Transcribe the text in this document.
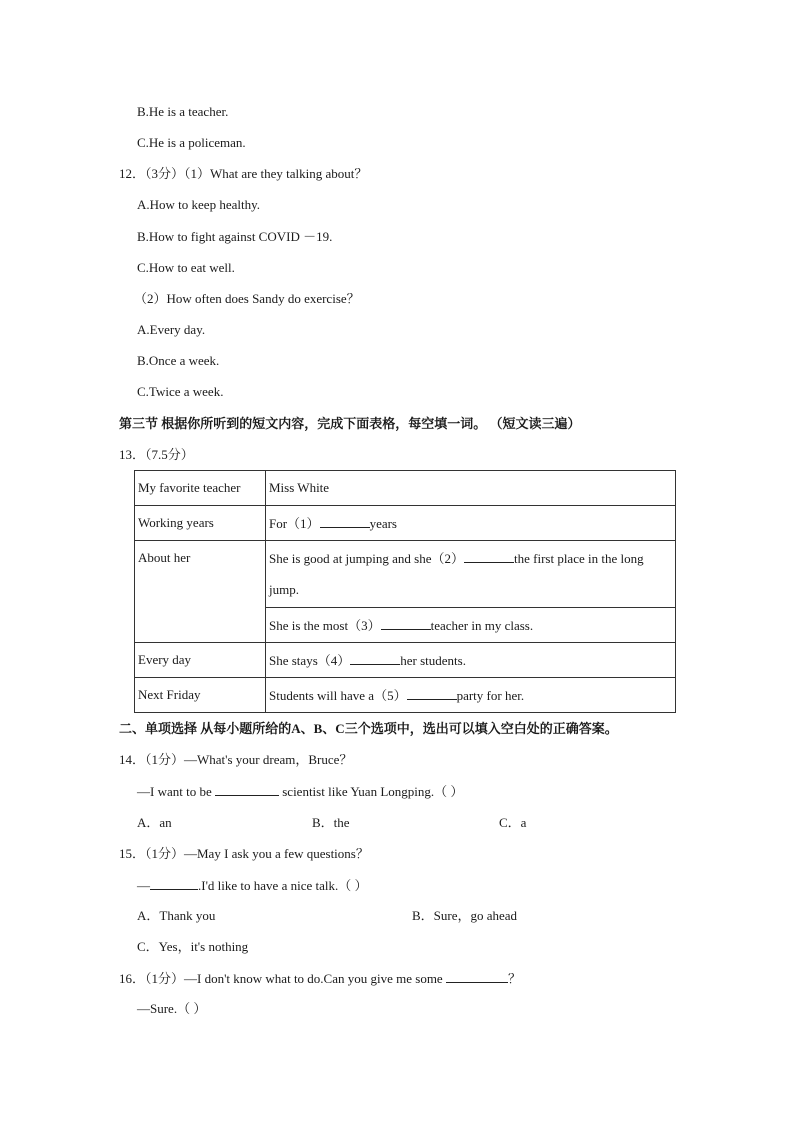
B.He is a teacher.
C.He is a policeman.
12．（3分）（1）What are they talking about？
A.How to keep healthy.
B.How to fight against COVID －19.
C.How to eat well.
（2）How often does Sandy do exercise？
A.Every day.
B.Once a week.
C.Twice a week.
第三节 根据你所听到的短文内容，完成下面表格，每空填一词。 （短文读三遍）
13．（7.5分）
My favorite teacher	Miss White
Working years	For（1） years
About her	She is good at jumping and she（2） the first place in the long
jump.
	She is the most（3） teacher in my class.
Every day	She stays（4） her students.
Next Friday	Students will have a（5） party for her.
二、单项选择 从每小题所给的A、B、C三个选项中，选出可以填入空白处的正确答案。
14．（1分）—What's your dream，Bruce？
—I want to be	scientist like Yuan Longping.（ ）
A．an	B．the	C．a
15．（1分）—May I ask you a few questions？
—	.I'd like to have a nice talk.（ ）
A．Thank you	B．Sure，go ahead
C．Yes，it's nothing
16．（1分）—I don't know what to do.Can you give me some	？
—Sure.（ ）
